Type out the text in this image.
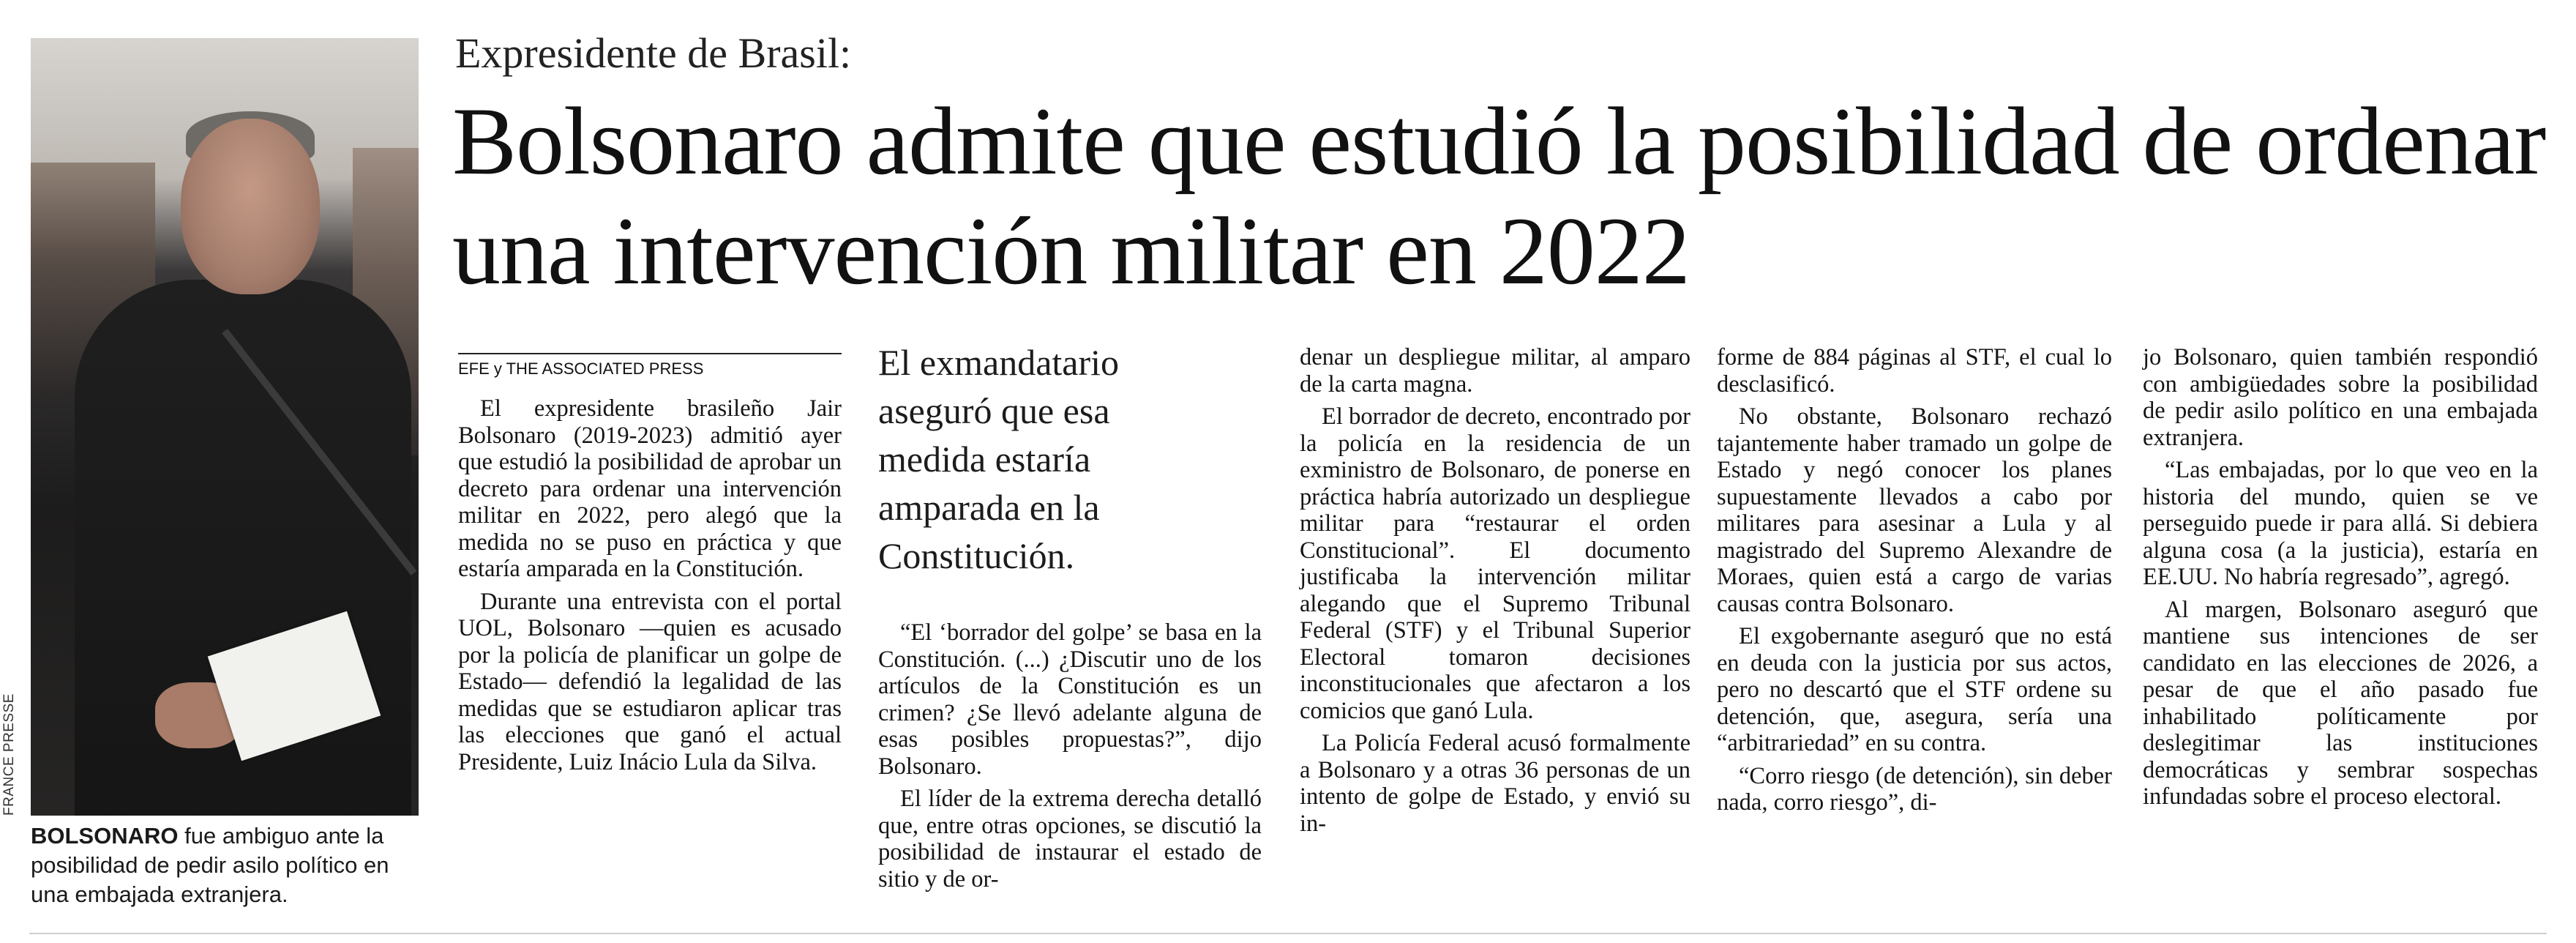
FRANCE PRESSE
BOLSONARO fue ambiguo ante la posibilidad de pedir asilo político en una embajada extranjera.
Expresidente de Brasil:
Bolsonaro admite que estudió la posibilidad de ordenar una intervención militar en 2022
EFE y THE ASSOCIATED PRESS	El exmandatario aseguró que esa medida estaría amparada en la Constitución.

El expresidente brasileño Jair Bolsonaro (2019-2023) admitió ayer que estudió la posibilidad de aprobar un decreto para ordenar una intervención militar en 2022, pero alegó que la medida no se puso en práctica y que estaría amparada en la Constitución.

Durante una entrevista con el portal UOL, Bolsonaro —quien es acusado por la policía de planificar un golpe de Estado— defendió la legalidad de las medidas que se estudiaron aplicar tras las elecciones que ganó el actual Presidente, Luiz Inácio Lula da Silva.

“El ‘borrador del golpe’ se basa en la Constitución. (...) ¿Discutir uno de los artículos de la Constitución es un crimen? ¿Se llevó adelante alguna de esas posibles propuestas?”, dijo Bolsonaro.

El líder de la extrema derecha detalló que, entre otras opciones, se discutió la posibilidad de instaurar el estado de sitio y de or-

denar un despliegue militar, al amparo de la carta magna.

El borrador de decreto, encontrado por la policía en la residencia de un exministro de Bolsonaro, de ponerse en práctica habría autorizado un despliegue militar para “restaurar el orden Constitucional”. El documento justificaba la intervención militar alegando que el Supremo Tribunal Federal (STF) y el Tribunal Superior Electoral tomaron decisiones inconstitucionales que afectaron a los comicios que ganó Lula.

La Policía Federal acusó formalmente a Bolsonaro y a otras 36 personas de un intento de golpe de Estado, y envió su in-

forme de 884 páginas al STF, el cual lo desclasificó.

No obstante, Bolsonaro rechazó tajantemente haber tramado un golpe de Estado y negó conocer los planes supuestamente llevados a cabo por militares para asesinar a Lula y al magistrado del Supremo Alexandre de Moraes, quien está a cargo de varias causas contra Bolsonaro.

El exgobernante aseguró que no está en deuda con la justicia por sus actos, pero no descartó que el STF ordene su detención, que, asegura, sería una “arbitrariedad” en su contra.

“Corro riesgo (de detención), sin deber nada, corro riesgo”, di-

jo Bolsonaro, quien también respondió con ambigüedades sobre la posibilidad de pedir asilo político en una embajada extranjera.

“Las embajadas, por lo que veo en la historia del mundo, quien se ve perseguido puede ir para allá. Si debiera alguna cosa (a la justicia), estaría en EE.UU. No habría regresado”, agregó.

Al margen, Bolsonaro aseguró que mantiene sus intenciones de ser candidato en las elecciones de 2026, a pesar de que el año pasado fue inhabilitado políticamente por deslegitimar las instituciones democráticas y sembrar sospechas infundadas sobre el proceso electoral.
